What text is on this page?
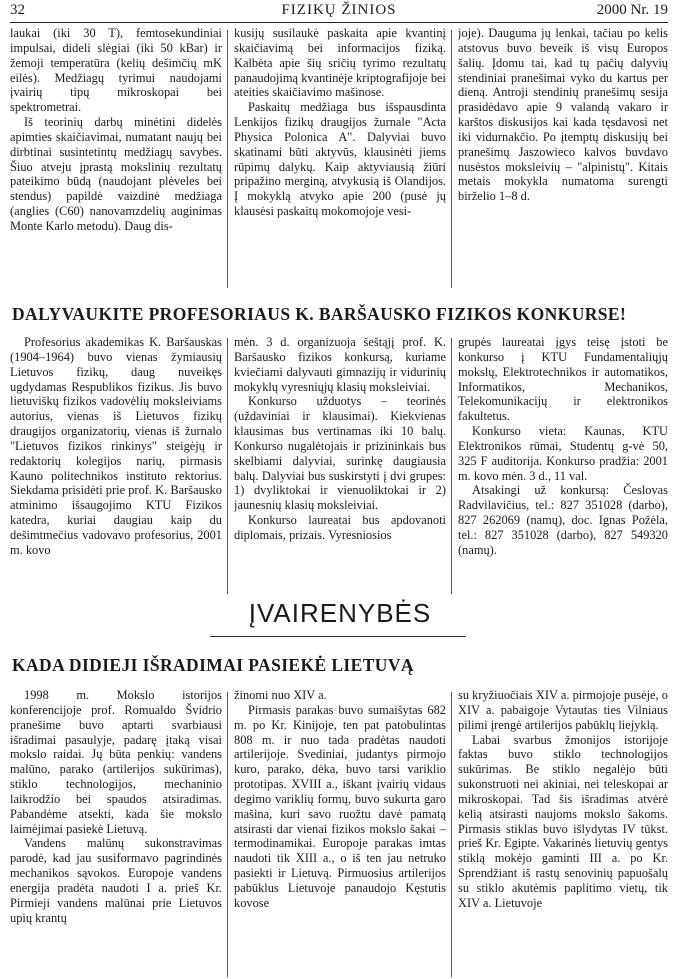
32	FIZIKŲ ŽINIOS	2000 Nr. 19

laukai (iki 30 T), femtosekundiniai impulsai, dideli slėgiai (iki 50 kBar) ir žemoji temperatūra (kelių dešimčių mK eilės). Medžiagų tyrimui naudojami įvairių tipų mikroskopai bei spektrometrai.

Iš teorinių darbų minėtini didelės apimties skaičiavimai, numatant naujų bei dirbtinai susintetintų medžiagų savybes. Šiuo atveju įprastą mokslinių rezultatų pateikimo būdą (naudojant plėveles bei stendus) papildė vaizdinė medžiaga (anglies (C60) nanovamzdelių auginimas Monte Karlo metodu). Daug dis-

kusijų susilaukė paskaita apie kvantinį skaičiavimą bei informacijos fiziką. Kalbėta apie šių sričių tyrimo rezultatų panaudojimą kvantinėje kriptografijoje bei ateities skaičiavimo mašinose.

Paskaitų medžiaga bus išspausdinta Lenkijos fizikų draugijos žurnale "Acta Physica Polonica A". Dalyviai buvo skatinami būti aktyvūs, klausinėti jiems rūpimų dalykų. Kaip aktyviausią žiūri pripažino merginą, atvykusią iš Olandijos. Į mokyklą atvyko apie 200 (pusė jų klausėsi paskaitų mokomojoje vesi-

joje). Dauguma jų lenkai, tačiau po kelis atstovus buvo beveik iš visų Europos šalių. Įdomu tai, kad tų pačių dalyvių stendiniai pranešimai vyko du kartus per dieną. Antroji stendinių pranešimų sesija prasidėdavo apie 9 valandą vakaro ir karštos diskusijos kai kada tęsdavosi net iki vidurnakčio. Po įtemptų diskusijų bei pranešimų Jaszowiecо kalvos buvdavo nusėstos moksleivių – "alpinistų". Kitais metais mokykla numatoma surengti birželio 1–8 d.

DALYVAUKITE PROFESORIAUS K. BARŠAUSKO FIZIKOS KONKURSE!

Profesorius akademikas K. Baršauskas (1904–1964) buvo vienas žymiausių Lietuvos fizikų, daug nuveikęs ugdydamas Respublikos fizikus. Jis buvo lietuviškų fizikos vadovėlių moksleiviams autorius, vienas iš Lietuvos fizikų draugijos organizatorių, vienas iš žurnalo "Lietuvos fizikos rinkinys" steigėjų ir redaktorių kolegijos narių, pirmasis Kauno politechnikos instituto rektorius. Siekdama prisidėti prie prof. K. Baršausko atminimo išsaugojimo KTU Fizikos katedra, kuriai daugiau kaip du dešimtmečius vadovavo profesorius, 2001 m. kovo

mėn. 3 d. organizuoja šeštąjį prof. K. Baršausko fizikos konkursą, kuriame kviečiami dalyvauti gimnazijų ir vidurinių mokyklų vyresniųjų klasių moksleiviai.

Konkurso užduotys – teorinės (uždaviniai ir klausimai). Kiekvienas klausimas bus vertinamas iki 10 balų. Konkurso nugalėtojais ir prizininkais bus skelbiami dalyviai, surinkę daugiausia balų. Dalyviai bus suskirstyti į dvi grupes: 1) dvyliktokai ir vienuoliktokai ir 2) jaunesnių klasių moksleiviai.

Konkurso laureatai bus apdovanoti diplomais, prizais. Vyresniosios

grupės laureatai įgys teisę įstoti be konkurso į KTU Fundamentaliųjų mokslų, Elektrotechnikos ir automatikos, Informatikos, Mechanikos, Telekomunikacijų ir elektronikos fakultetus.

Konkurso vieta: Kaunas, KTU Elektronikos rūmai, Studentų g-vė 50, 325 F auditorija. Konkurso pradžia: 2001 m. kovo mėn. 3 d., 11 val.

Atsakingi už konkursą: Česlovas Radvilavičius, tel.: 827 351028 (darbo), 827 262069 (namų), doc. Ignas Požėla, tel.: 827 351028 (darbo), 827 549320 (namų).

ĮVAIRENYBĖS
KADA DIDIEJI IŠRADIMAI PASIEKĖ LIETUVĄ

1998 m. Mokslo istorijos konferencijoje prof. Romualdo Švidrio pranešime buvo aptarti svarbiausi išradimai pasaulyje, padarę įtaką visai mokslo raidai. Jų būta penkių: vandens malūno, parako (artilerijos sukūrimas), stiklo technologijos, mechaninio laikrodžio bei spaudos atsiradimas. Pabandėme atsekti, kada šie mokslo laimėjimai pasiekė Lietuvą.

Vandens malūnų sukonstravimas parodė, kad jau susiformavo pagrindinės mechanikos sąvokos. Europoje vandens energija pradėta naudoti I a. prieš Kr. Pirmieji vandens malūnai prie Lietuvos upių krantų

žinomi nuo XIV a.

Pirmasis parakas buvo sumaišytas 682 m. po Kr. Kinijoje, ten pat patobulintas 808 m. ir nuo tada pradėtas naudoti artilerijoje. Svediniai, judantys pirmojo kuro, parako, dėka, buvo tarsi variklio prototipas. XVIII a., iškant įvairių vidaus degimo variklių formų, buvo sukurta garo mašina, kuri savo ruožtu davė pamatą atsirasti dar vienai fizikos mokslo šakai – termodinamikai. Europoje parakas imtas naudoti tik XIII a., o iš ten jau netruko pasiekti ir Lietuvą. Pirmuosius artilerijos pabūklus Lietuvoje panaudojo Kęstutis kovose

su kryžiuočiais XIV a. pirmojoje pusėje, o XIV a. pabaigoje Vytautas ties Vilniaus pilimi įrengė artilerijos pabūklų liejyklą.

Labai svarbus žmonijos istorijoje faktas buvo stiklo technologijos sukūrimas. Be stiklo negalėjo būti sukonstruoti nei akiniai, nei teleskopai ar mikroskopai. Tad šis išradimas atvėrė kelią atsirasti naujoms mokslo šakoms. Pirmasis stiklas buvo išlydytas IV tūkst. prieš Kr. Egipte. Vakarinės lietuvių gentys stiklą mokėjo gaminti III a. po Kr. Sprendžiant iš rastų senovinių papuošalų su stiklo akutėmis paplitimo vietų, tik XIV a. Lietuvoje
